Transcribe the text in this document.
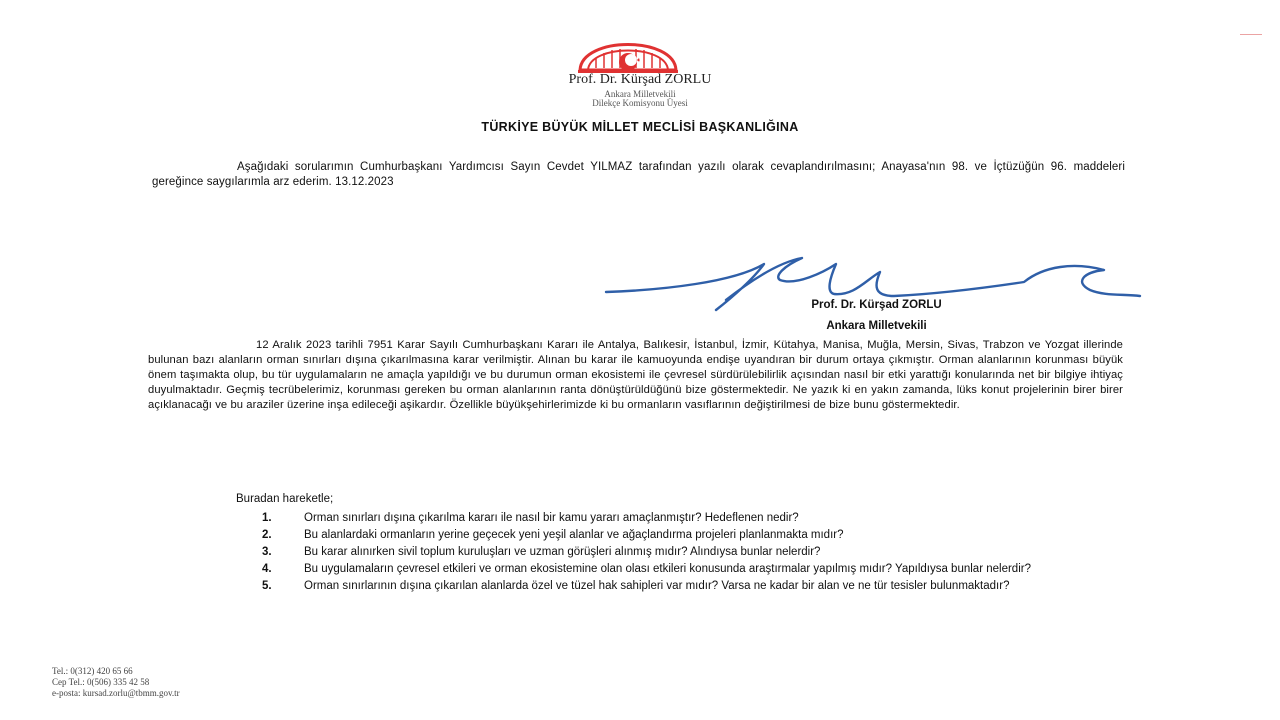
Prof. Dr. Kürşad ZORLU
Ankara Milletvekili
Dilekçe Komisyonu Üyesi
TÜRKİYE BÜYÜK MİLLET MECLİSİ BAŞKANLIĞINA
Aşağıdaki sorularımın Cumhurbaşkanı Yardımcısı Sayın Cevdet YILMAZ tarafından yazılı olarak cevaplandırılmasını; Anayasa'nın 98. ve İçtüzüğün 96. maddeleri gereğince saygılarımla arz ederim. 13.12.2023
Prof. Dr. Kürşad ZORLU
Ankara Milletvekili
12 Aralık 2023 tarihli 7951 Karar Sayılı Cumhurbaşkanı Kararı ile Antalya, Balıkesir, İstanbul, İzmir, Kütahya, Manisa, Muğla, Mersin, Sivas, Trabzon ve Yozgat illerinde bulunan bazı alanların orman sınırları dışına çıkarılmasına karar verilmiştir. Alınan bu karar ile kamuoyunda endişe uyandıran bir durum ortaya çıkmıştır. Orman alanlarının korunması büyük önem taşımakta olup, bu tür uygulamaların ne amaçla yapıldığı ve bu durumun orman ekosistemi ile çevresel sürdürülebilirlik açısından nasıl bir etki yarattığı konularında net bir bilgiye ihtiyaç duyulmaktadır. Geçmiş tecrübelerimiz, korunması gereken bu orman alanlarının ranta dönüştürüldüğünü bize göstermektedir. Ne yazık ki en yakın zamanda, lüks konut projelerinin birer birer açıklanacağı ve bu araziler üzerine inşa edileceği aşikardır. Özellikle büyükşehirlerimizde ki bu ormanların vasıflarının değiştirilmesi de bize bunu göstermektedir.
Buradan hareketle;
1.	Orman sınırları dışına çıkarılma kararı ile nasıl bir kamu yararı amaçlanmıştır? Hedeflenen nedir?
2.	Bu alanlardaki ormanların yerine geçecek yeni yeşil alanlar ve ağaçlandırma projeleri planlanmakta mıdır?
3.	Bu karar alınırken sivil toplum kuruluşları ve uzman görüşleri alınmış mıdır? Alındıysa bunlar nelerdir?
4.	Bu uygulamaların çevresel etkileri ve orman ekosistemine olan olası etkileri konusunda araştırmalar yapılmış mıdır? Yapıldıysa bunlar nelerdir?
5.	Orman sınırlarının dışına çıkarılan alanlarda özel ve tüzel hak sahipleri var mıdır? Varsa ne kadar bir alan ve ne tür tesisler bulunmaktadır?
Tel.: 0(312) 420 65 66
Cep Tel.: 0(506) 335 42 58
e-posta: kursad.zorlu@tbmm.gov.tr
